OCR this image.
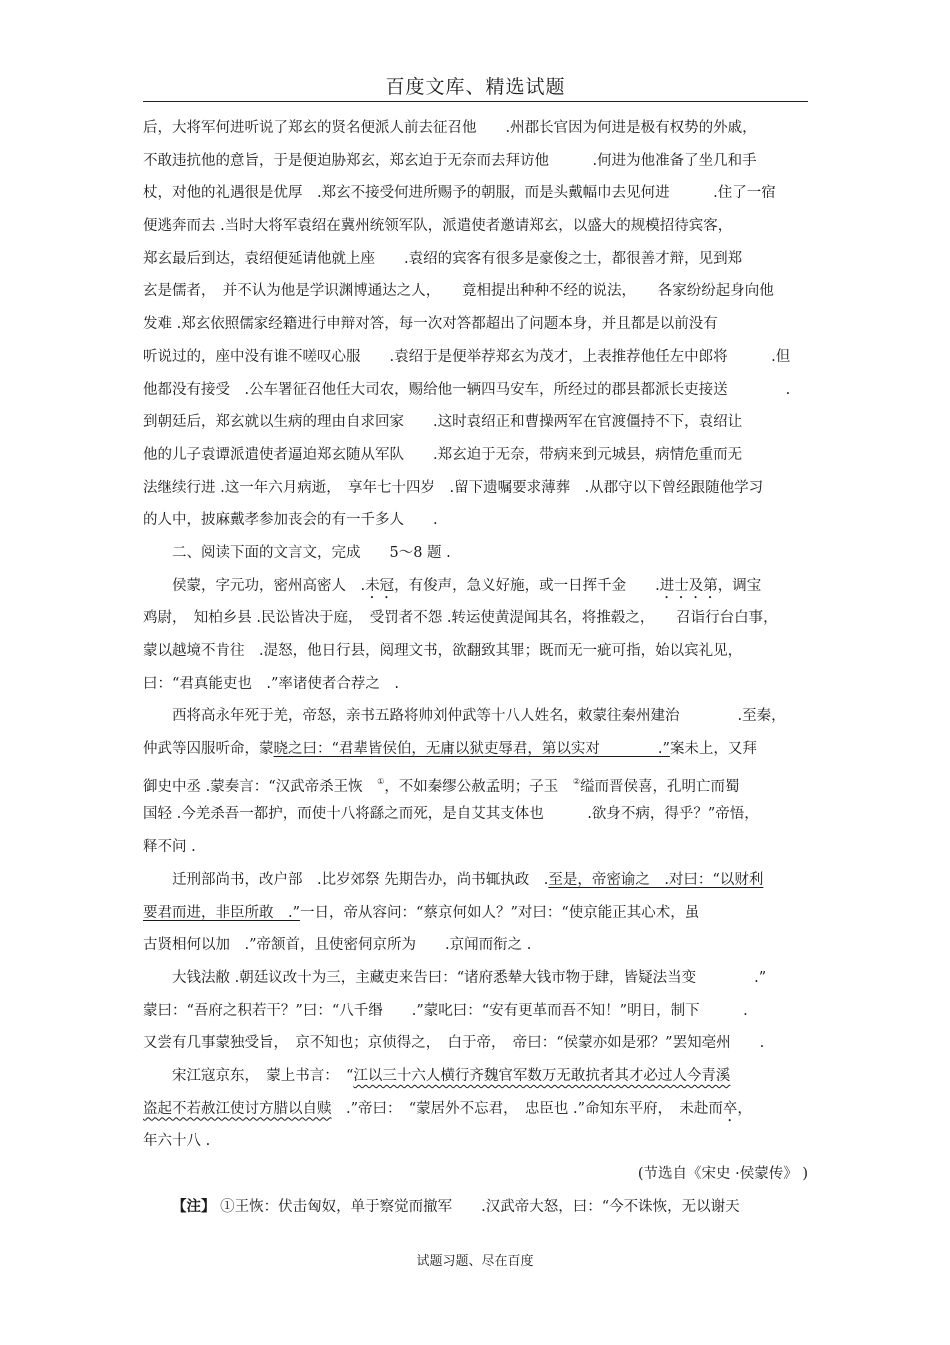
百度文库、精选试题
后，大将军何进听说了郑玄的贤名便派人前去征召他　　.州郡长官因为何进是极有权势的外戚，
不敢违抗他的意旨，于是便迫胁郑玄，郑玄迫于无奈而去拜访他　　　.何进为他准备了坐几和手
杖，对他的礼遇很是优厚　.郑玄不接受何进所赐予的朝服，而是头戴幅巾去见何进　　　.住了一宿
便逃奔而去 .当时大将军袁绍在冀州统领军队，派遣使者邀请郑玄，以盛大的规模招待宾客，
郑玄最后到达，袁绍便延请他就上座　　.袁绍的宾客有很多是豪俊之士，都很善才辩，见到郑
玄是儒者，　并不认为他是学识渊博通达之人，　　竟相提出种种不经的说法，　　各家纷纷起身向他
发难 .郑玄依照儒家经籍进行申辩对答，每一次对答都超出了问题本身，并且都是以前没有
听说过的，座中没有谁不嗟叹心服　　.袁绍于是便举荐郑玄为茂才，上表推荐他任左中郎将　　　.但
他都没有接受　.公车署征召他任大司农，赐给他一辆四马安车，所经过的郡县都派长吏接送　　　　.
到朝廷后，郑玄就以生病的理由自求回家　　.这时袁绍正和曹操两军在官渡僵持不下，袁绍让
他的儿子袁谭派遣使者逼迫郑玄随从军队　　.郑玄迫于无奈，带病来到元城县，病情危重而无
法继续行进 .这一年六月病逝，　享年七十四岁　.留下遗嘱要求薄葬　.从郡守以下曾经跟随他学习
的人中，披麻戴孝参加丧会的有一千多人　　.
二、阅读下面的文言文，完成　　5～8 题 .
侯蒙，字元功，密州高密人　.未冠，有俊声，急义好施，或一日挥千金　　.进士及第，调宝
鸡尉，　知柏乡县 .民讼皆决于庭，　受罚者不怨 .转运使黄湜闻其名，将推毂之，　　召诣行台白事，
蒙以越境不肯往　.湜怒，他日行县，阅理文书，欲翻致其罪；既而无一疵可指，始以宾礼见，
曰：“君真能吏也　.”率诸使者合荐之　.
西将高永年死于羌，帝怒，亲书五路将帅刘仲武等十八人姓名，敕蒙往秦州建治　　　　.至秦，
仲武等囚服听命，蒙晓之曰：“君辈皆侯伯，无庸以狱吏辱君，第以实对　　　　.”案未上，又拜
御史中丞 .蒙奏言：“汉武帝杀王恢　①，不如秦缪公赦孟明；子玉　②缢而晋侯喜，孔明亡而蜀
国轻 .今羌杀吾一都护，而使十八将繇之而死，是自艾其支体也　　　.欲身不病，得乎？”帝悟，
释不问 .
迁刑部尚书，改户部　.比岁郊祭 先期告办，尚书辄执政　.至是，帝密谕之　.对曰：“以财利
要君而进，非臣所敢　.”一日，帝从容问：“蔡京何如人？”对曰：“使京能正其心术，虽
古贤相何以加　.”帝颔首，且使密伺京所为　　.京闻而衔之 .
大钱法敝 .朝廷议改十为三，主藏吏来告曰：“诸府悉辇大钱市物于肆，皆疑法当变　　　　.”
蒙曰：“吾府之积若干？”曰：“八千缗　　.”蒙叱曰：“安有更革而吾不知！”明日，制下　　　.
又尝有几事蒙独受旨，　京不知也；京侦得之，　白于帝，　帝曰：“侯蒙亦如是邪？”罢知亳州　　.
宋江寇京东，　蒙上书言：　“江以三十六人横行齐魏官军数万无敢抗者其才必过人今青溪
盗起不若赦江使讨方腊以自赎　.”帝曰：　“蒙居外不忘君，　忠臣也 .”命知东平府，　未赴而卒，
年六十八 .
(节选自《宋史 ·侯蒙传》 )
【注】 ①王恢：伏击匈奴，单于察觉而撤军　　.汉武帝大怒，曰：“今不诛恢，无以谢天
试题习题、尽在百度
